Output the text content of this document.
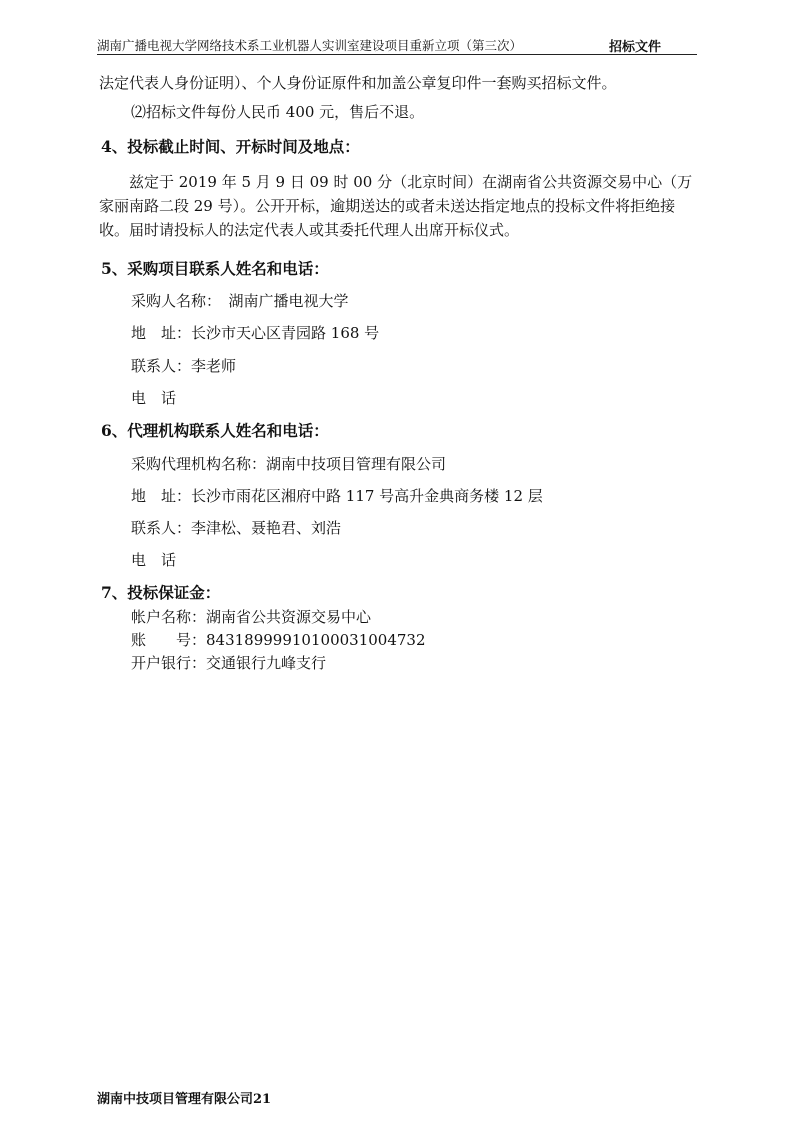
湖南广播电视大学网络技术系工业机器人实训室建设项目重新立项（第三次）	招标文件
法定代表人身份证明）、个人身份证原件和加盖公章复印件一套购买招标文件。
⑵招标文件每份人民币 400 元，售后不退。
4、投标截止时间、开标时间及地点：
兹定于 2019 年 5 月 9 日 09 时 00 分（北京时间）在湖南省公共资源交易中心（万家丽南路二段 29 号）。公开开标，逾期送达的或者未送达指定地点的投标文件将拒绝接收。届时请投标人的法定代表人或其委托代理人出席开标仪式。
5、采购项目联系人姓名和电话：
采购人名称：　湖南广播电视大学
地　址：长沙市天心区青园路 168 号
联系人：李老师
电　话
6、代理机构联系人姓名和电话：
采购代理机构名称：湖南中技项目管理有限公司
地　址：长沙市雨花区湘府中路 117 号高升金典商务楼 12 层
联系人：李津松、聂艳君、刘浩
电　话
7、投标保证金：
帐户名称：湖南省公共资源交易中心
账　　号：8431899991010003100473​2
开户银行：交通银行九峰支行
湖南中技项目管理有限公司21
